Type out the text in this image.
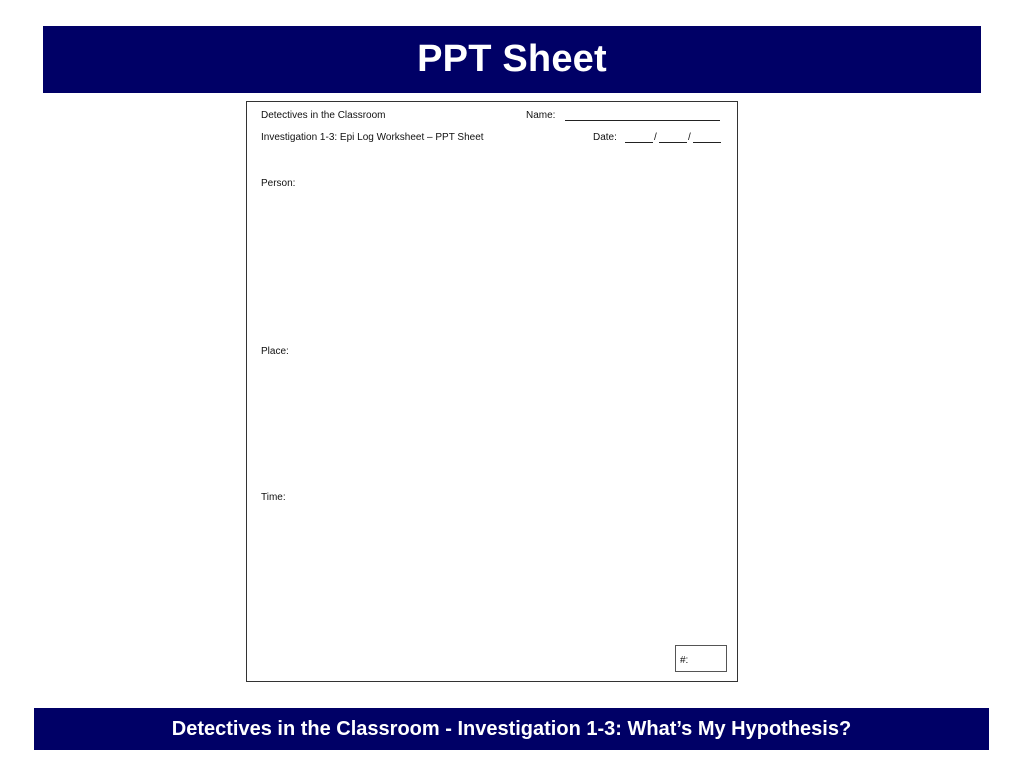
PPT Sheet
Detectives in the Classroom	Name:
Investigation 1-3: Epi Log Worksheet – PPT Sheet	Date:	/	/
Person:
Place:
Time:
#:
Detectives in the Classroom - Investigation 1-3: What’s My Hypothesis?
